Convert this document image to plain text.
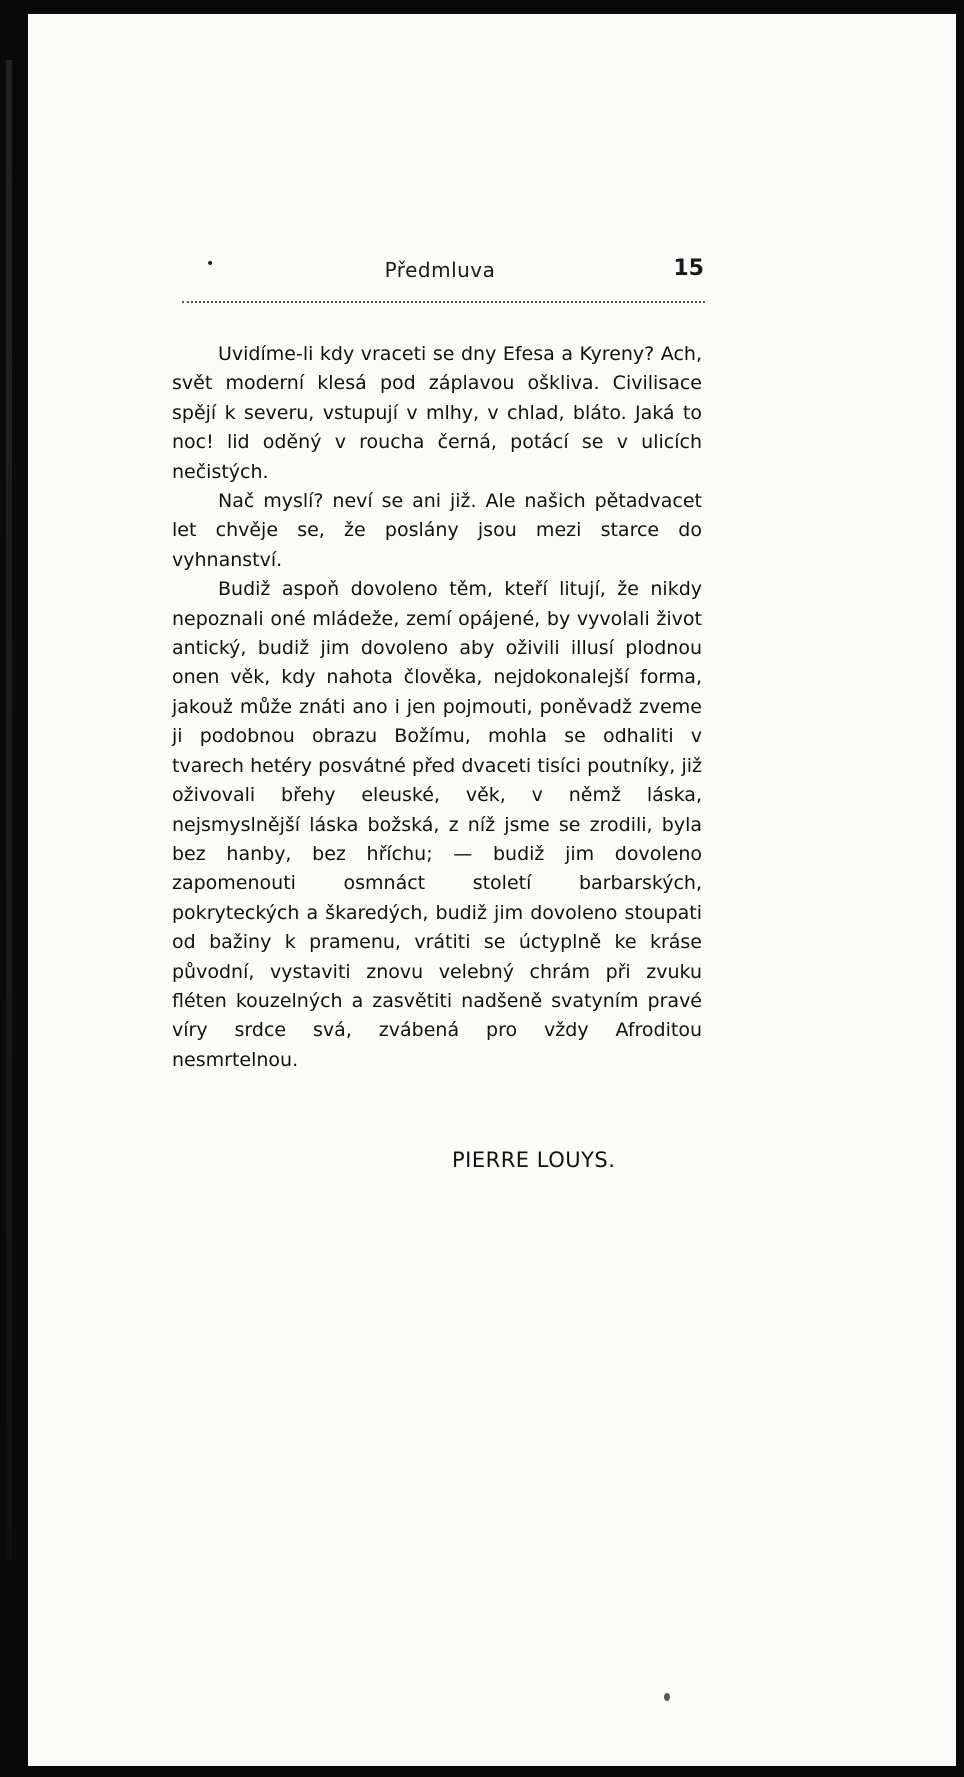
•	Předmluva	15

Uvidíme-li kdy vraceti se dny Efesa a Kyreny? Ach, svět moderní klesá pod záplavou ošklivа. Civilisace spějí k severu, vstupují v mlhy, v chlad, bláto. Jaká to noc! lid oděný v roucha černá, potácí se v ulicích nečistých.

Nač myslí? neví se ani již. Ale našich pětadvacet let chvěje se, že poslány jsou mezi starce do vyhnanství.

Budiž aspoň dovoleno těm, kteří litují, že nikdy nepoznali oné mládeže, zemí opájené, by vyvolali život antický, budiž jim dovoleno aby oživili illusí plodnou onen věk, kdy nahota člověka, nejdokonalejší forma, jakouž může znáti ano i jen pojmouti, poněvadž zveme ji podobnou obrazu Božímu, mohla se odhaliti v tvarech hetéry posvátné před dvaceti tisíci poutníky, již oživovali břehy eleuské, věk, v němž láska, nejsmyslnější láska božská, z níž jsme se zrodili, byla bez hanby, bez hříchu; — budiž jim dovoleno zapomenouti osmnáct století barbarských, pokryteckých a škaredých, budiž jim dovoleno stoupati od bažiny k pramenu, vrátiti se úctyplně ke kráse původní, vystaviti znovu velebný chrám při zvuku fléten kouzelných a zasvětiti nadšeně svatyním pravé víry srdce svá, zvábená pro vždy Afroditou nesmrtelnou.

PIERRE LOUYS.
